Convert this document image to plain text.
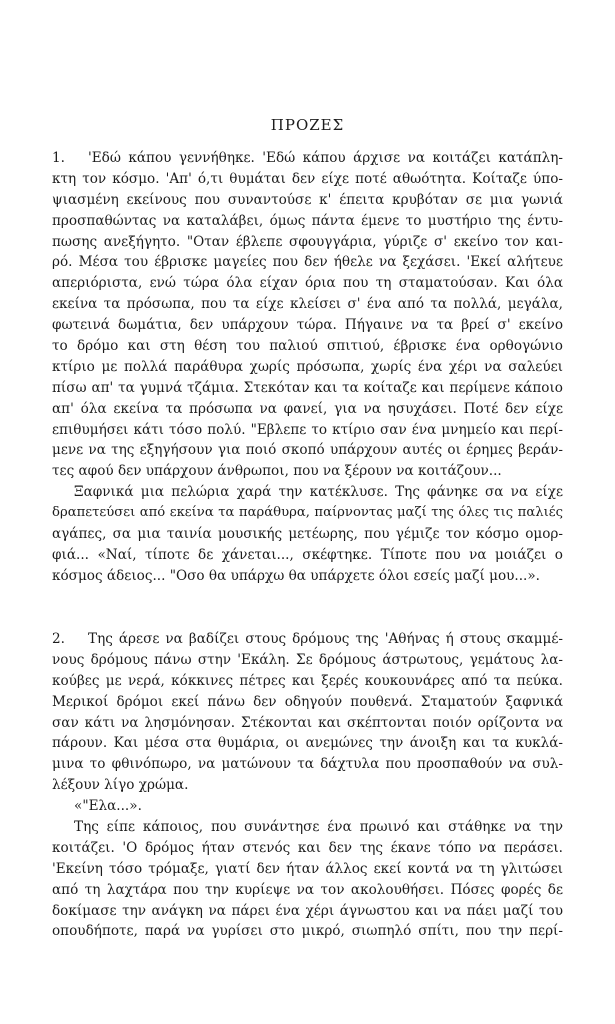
ΠΡΟΖΕΣ
1. 'Εδώ κάπου γεννήθηκε. 'Εδώ κάπου άρχισε να κοιτάζει κατάπλη-
κτη τον κόσμο. 'Απ' ό,τι θυμάται δεν είχε ποτέ αθωότητα. Κοίταζε ύπο-
ψιασμένη εκείνους που συναντούσε κ' έπειτα κρυβόταν σε μια γωνιά
προσπαθώντας να καταλάβει, όμως πάντα έμενε το μυστήριο της έντυ-
πωσης ανεξήγητο. "Οταν έβλεπε σφουγγάρια, γύριζε σ' εκείνο τον και-
ρό. Μέσα του έβρισκε μαγείες που δεν ήθελε να ξεχάσει. 'Εκεί αλήτευε
απεριόριστα, ενώ τώρα όλα είχαν όρια που τη σταματούσαν. Και όλα
εκείνα τα πρόσωπα, που τα είχε κλείσει σ' ένα από τα πολλά, μεγάλα,
φωτεινά δωμάτια, δεν υπάρχουν τώρα. Πήγαινε να τα βρεί σ' εκείνο
το δρόμο και στη θέση του παλιού σπιτιού, έβρισκε ένα ορθογώνιο
κτίριο με πολλά παράθυρα χωρίς πρόσωπα, χωρίς ένα χέρι να σαλεύει
πίσω απ' τα γυμνά τζάμια. Στεκόταν και τα κοίταζε και περίμενε κάποιο
απ' όλα εκείνα τα πρόσωπα να φανεί, για να ησυχάσει. Ποτέ δεν είχε
επιθυμήσει κάτι τόσο πολύ. "Εβλεπε το κτίριο σαν ένα μνημείο και περί-
μενε να της εξηγήσουν για ποιό σκοπό υπάρχουν αυτές οι έρημες βεράν-
τες αφού δεν υπάρχουν άνθρωποι, που να ξέρουν να κοιτάζουν...
Ξαφνικά μια πελώρια χαρά την κατέκλυσε. Της φάνηκε σα να είχε
δραπετεύσει από εκείνα τα παράθυρα, παίρνοντας μαζί της όλες τις παλιές
αγάπες, σα μια ταινία μουσικής μετέωρης, που γέμιζε τον κόσμο ομορ-
φιά... «Ναί, τίποτε δε χάνεται..., σκέφτηκε. Τίποτε που να μοιάζει ο
κόσμος άδειος... "Οσο θα υπάρχω θα υπάρχετε όλοι εσείς μαζί μου...».
2. Της άρεσε να βαδίζει στους δρόμους της 'Αθήνας ή στους σκαμμέ-
νους δρόμους πάνω στην 'Εκάλη. Σε δρόμους άστρωτους, γεμάτους λα-
κούβες με νερά, κόκκινες πέτρες και ξερές κουκουνάρες από τα πεύκα.
Μερικοί δρόμοι εκεί πάνω δεν οδηγούν πουθενά. Σταματούν ξαφνικά
σαν κάτι να λησμόνησαν. Στέκονται και σκέπτονται ποιόν ορίζοντα να
πάρουν. Και μέσα στα θυμάρια, οι ανεμώνες την άνοιξη και τα κυκλά-
μινα το φθινόπωρο, να ματώνουν τα δάχτυλα που προσπαθούν να συλ-
λέξουν λίγο χρώμα.
«"Ελα...».
Της είπε κάποιος, που συνάντησε ένα πρωινό και στάθηκε να την
κοιτάζει. 'Ο δρόμος ήταν στενός και δεν της έκανε τόπο να περάσει.
'Εκείνη τόσο τρόμαξε, γιατί δεν ήταν άλλος εκεί κοντά να τη γλιτώσει
από τη λαχτάρα που την κυρίεψε να τον ακολουθήσει. Πόσες φορές δε
δοκίμασε την ανάγκη να πάρει ένα χέρι άγνωστου και να πάει μαζί του
οπουδήποτε, παρά να γυρίσει στο μικρό, σιωπηλό σπίτι, που την περί-
